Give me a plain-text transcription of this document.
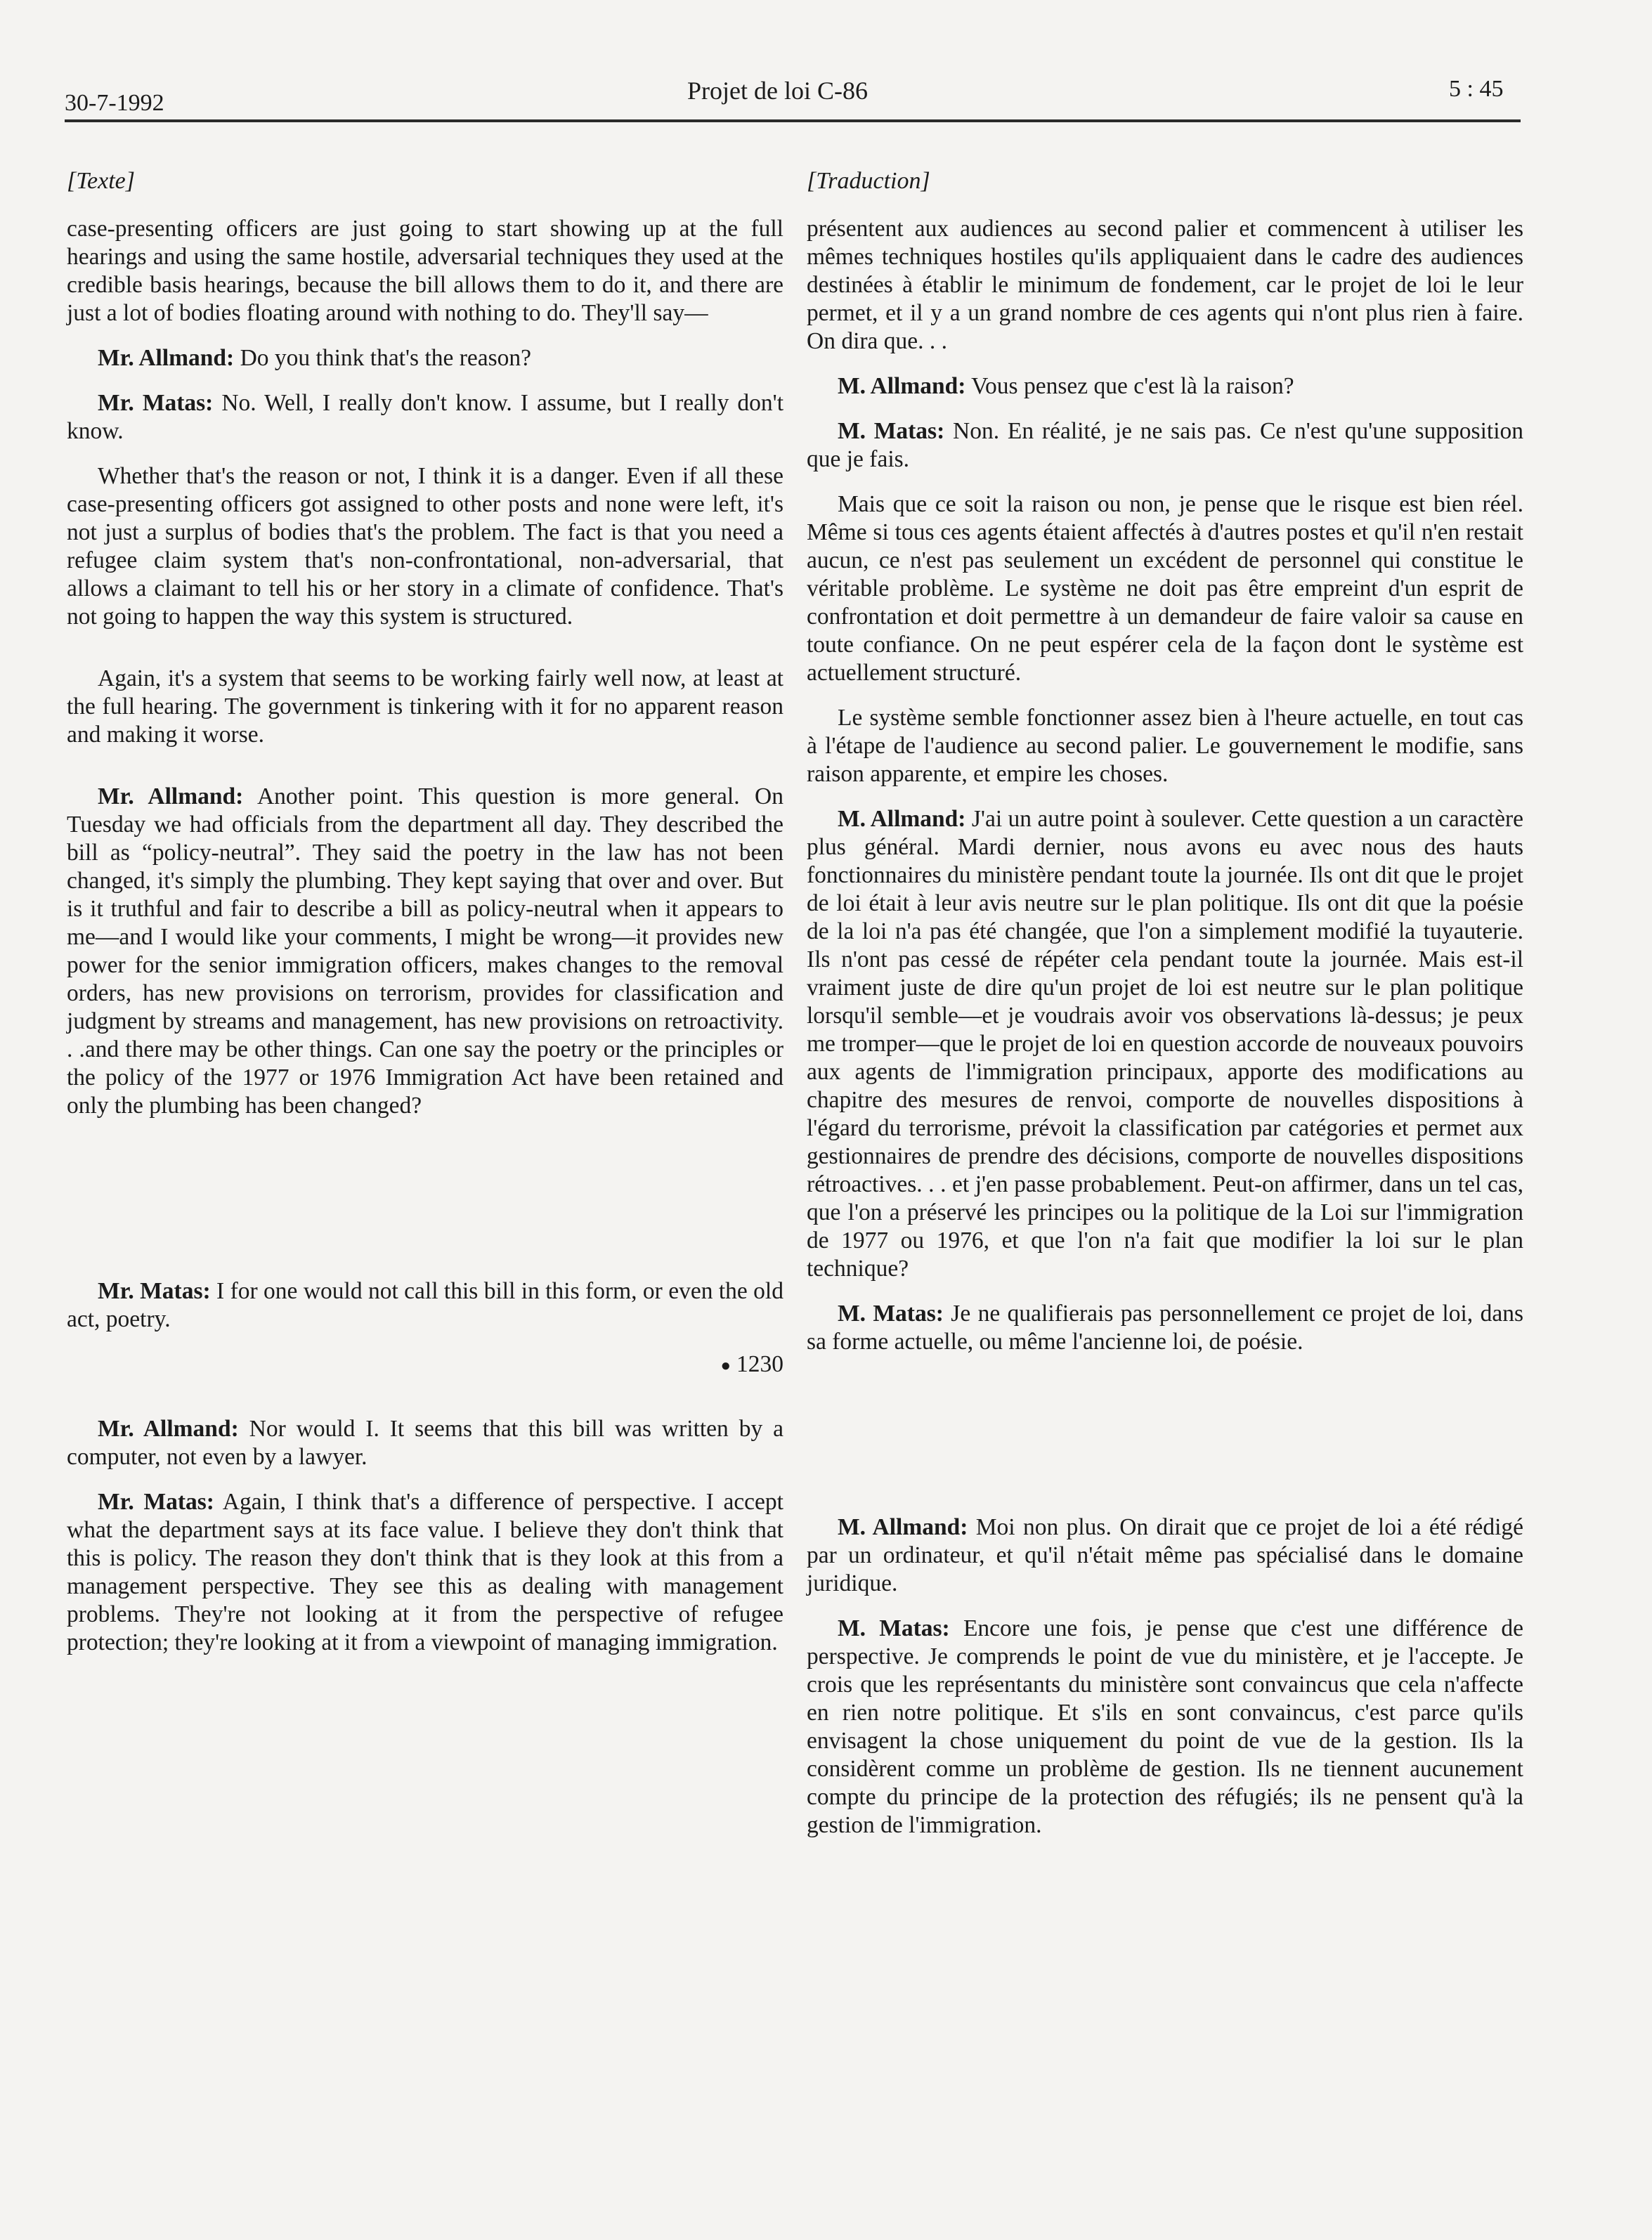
30-7-1992	Projet de loi C-86	5 : 45

[Texte]

case-presenting officers are just going to start showing up at the full hearings and using the same hostile, adversarial techniques they used at the credible basis hearings, because the bill allows them to do it, and there are just a lot of bodies floating around with nothing to do. They'll say—

Mr. Allmand: Do you think that's the reason?

Mr. Matas: No. Well, I really don't know. I assume, but I really don't know.

Whether that's the reason or not, I think it is a danger. Even if all these case-presenting officers got assigned to other posts and none were left, it's not just a surplus of bodies that's the problem. The fact is that you need a refugee claim system that's non-confrontational, non-adversarial, that allows a claimant to tell his or her story in a climate of confidence. That's not going to happen the way this system is structured.

Again, it's a system that seems to be working fairly well now, at least at the full hearing. The government is tinkering with it for no apparent reason and making it worse.

Mr. Allmand: Another point. This question is more general. On Tuesday we had officials from the department all day. They described the bill as “policy-neutral”. They said the poetry in the law has not been changed, it's simply the plumbing. They kept saying that over and over. But is it truthful and fair to describe a bill as policy-neutral when it appears to me—and I would like your comments, I might be wrong—it provides new power for the senior immigration officers, makes changes to the removal orders, has new provisions on terrorism, provides for classification and judgment by streams and management, has new provisions on retroactivity. . .and there may be other things. Can one say the poetry or the principles or the policy of the 1977 or 1976 Immigration Act have been retained and only the plumbing has been changed?

Mr. Matas: I for one would not call this bill in this form, or even the old act, poetry.

● 1230

Mr. Allmand: Nor would I. It seems that this bill was written by a computer, not even by a lawyer.

Mr. Matas: Again, I think that's a difference of perspective. I accept what the department says at its face value. I believe they don't think that this is policy. The reason they don't think that is they look at this from a management perspective. They see this as dealing with management problems. They're not looking at it from the perspective of refugee protection; they're looking at it from a viewpoint of managing immigration.

[Traduction]

présentent aux audiences au second palier et commencent à utiliser les mêmes techniques hostiles qu'ils appliquaient dans le cadre des audiences destinées à établir le minimum de fondement, car le projet de loi le leur permet, et il y a un grand nombre de ces agents qui n'ont plus rien à faire. On dira que. . .

M. Allmand: Vous pensez que c'est là la raison?

M. Matas: Non. En réalité, je ne sais pas. Ce n'est qu'une supposition que je fais.

Mais que ce soit la raison ou non, je pense que le risque est bien réel. Même si tous ces agents étaient affectés à d'autres postes et qu'il n'en restait aucun, ce n'est pas seulement un excédent de personnel qui constitue le véritable problème. Le système ne doit pas être empreint d'un esprit de confrontation et doit permettre à un demandeur de faire valoir sa cause en toute confiance. On ne peut espérer cela de la façon dont le système est actuellement structuré.

Le système semble fonctionner assez bien à l'heure actuelle, en tout cas à l'étape de l'audience au second palier. Le gouvernement le modifie, sans raison apparente, et empire les choses.

M. Allmand: J'ai un autre point à soulever. Cette question a un caractère plus général. Mardi dernier, nous avons eu avec nous des hauts fonctionnaires du ministère pendant toute la journée. Ils ont dit que le projet de loi était à leur avis neutre sur le plan politique. Ils ont dit que la poésie de la loi n'a pas été changée, que l'on a simplement modifié la tuyauterie. Ils n'ont pas cessé de répéter cela pendant toute la journée. Mais est-il vraiment juste de dire qu'un projet de loi est neutre sur le plan politique lorsqu'il semble—et je voudrais avoir vos observations là-dessus; je peux me tromper—que le projet de loi en question accorde de nouveaux pouvoirs aux agents de l'immigration principaux, apporte des modifications au chapitre des mesures de renvoi, comporte de nouvelles dispositions à l'égard du terrorisme, prévoit la classification par catégories et permet aux gestionnaires de prendre des décisions, comporte de nouvelles dispositions rétroactives. . . et j'en passe probablement. Peut-on affirmer, dans un tel cas, que l'on a préservé les principes ou la politique de la Loi sur l'immigration de 1977 ou 1976, et que l'on n'a fait que modifier la loi sur le plan technique?

M. Matas: Je ne qualifierais pas personnellement ce projet de loi, dans sa forme actuelle, ou même l'ancienne loi, de poésie.

M. Allmand: Moi non plus. On dirait que ce projet de loi a été rédigé par un ordinateur, et qu'il n'était même pas spécialisé dans le domaine juridique.

M. Matas: Encore une fois, je pense que c'est une différence de perspective. Je comprends le point de vue du ministère, et je l'accepte. Je crois que les représentants du ministère sont convaincus que cela n'affecte en rien notre politique. Et s'ils en sont convaincus, c'est parce qu'ils envisagent la chose uniquement du point de vue de la gestion. Ils la considèrent comme un problème de gestion. Ils ne tiennent aucunement compte du principe de la protection des réfugiés; ils ne pensent qu'à la gestion de l'immigration.
